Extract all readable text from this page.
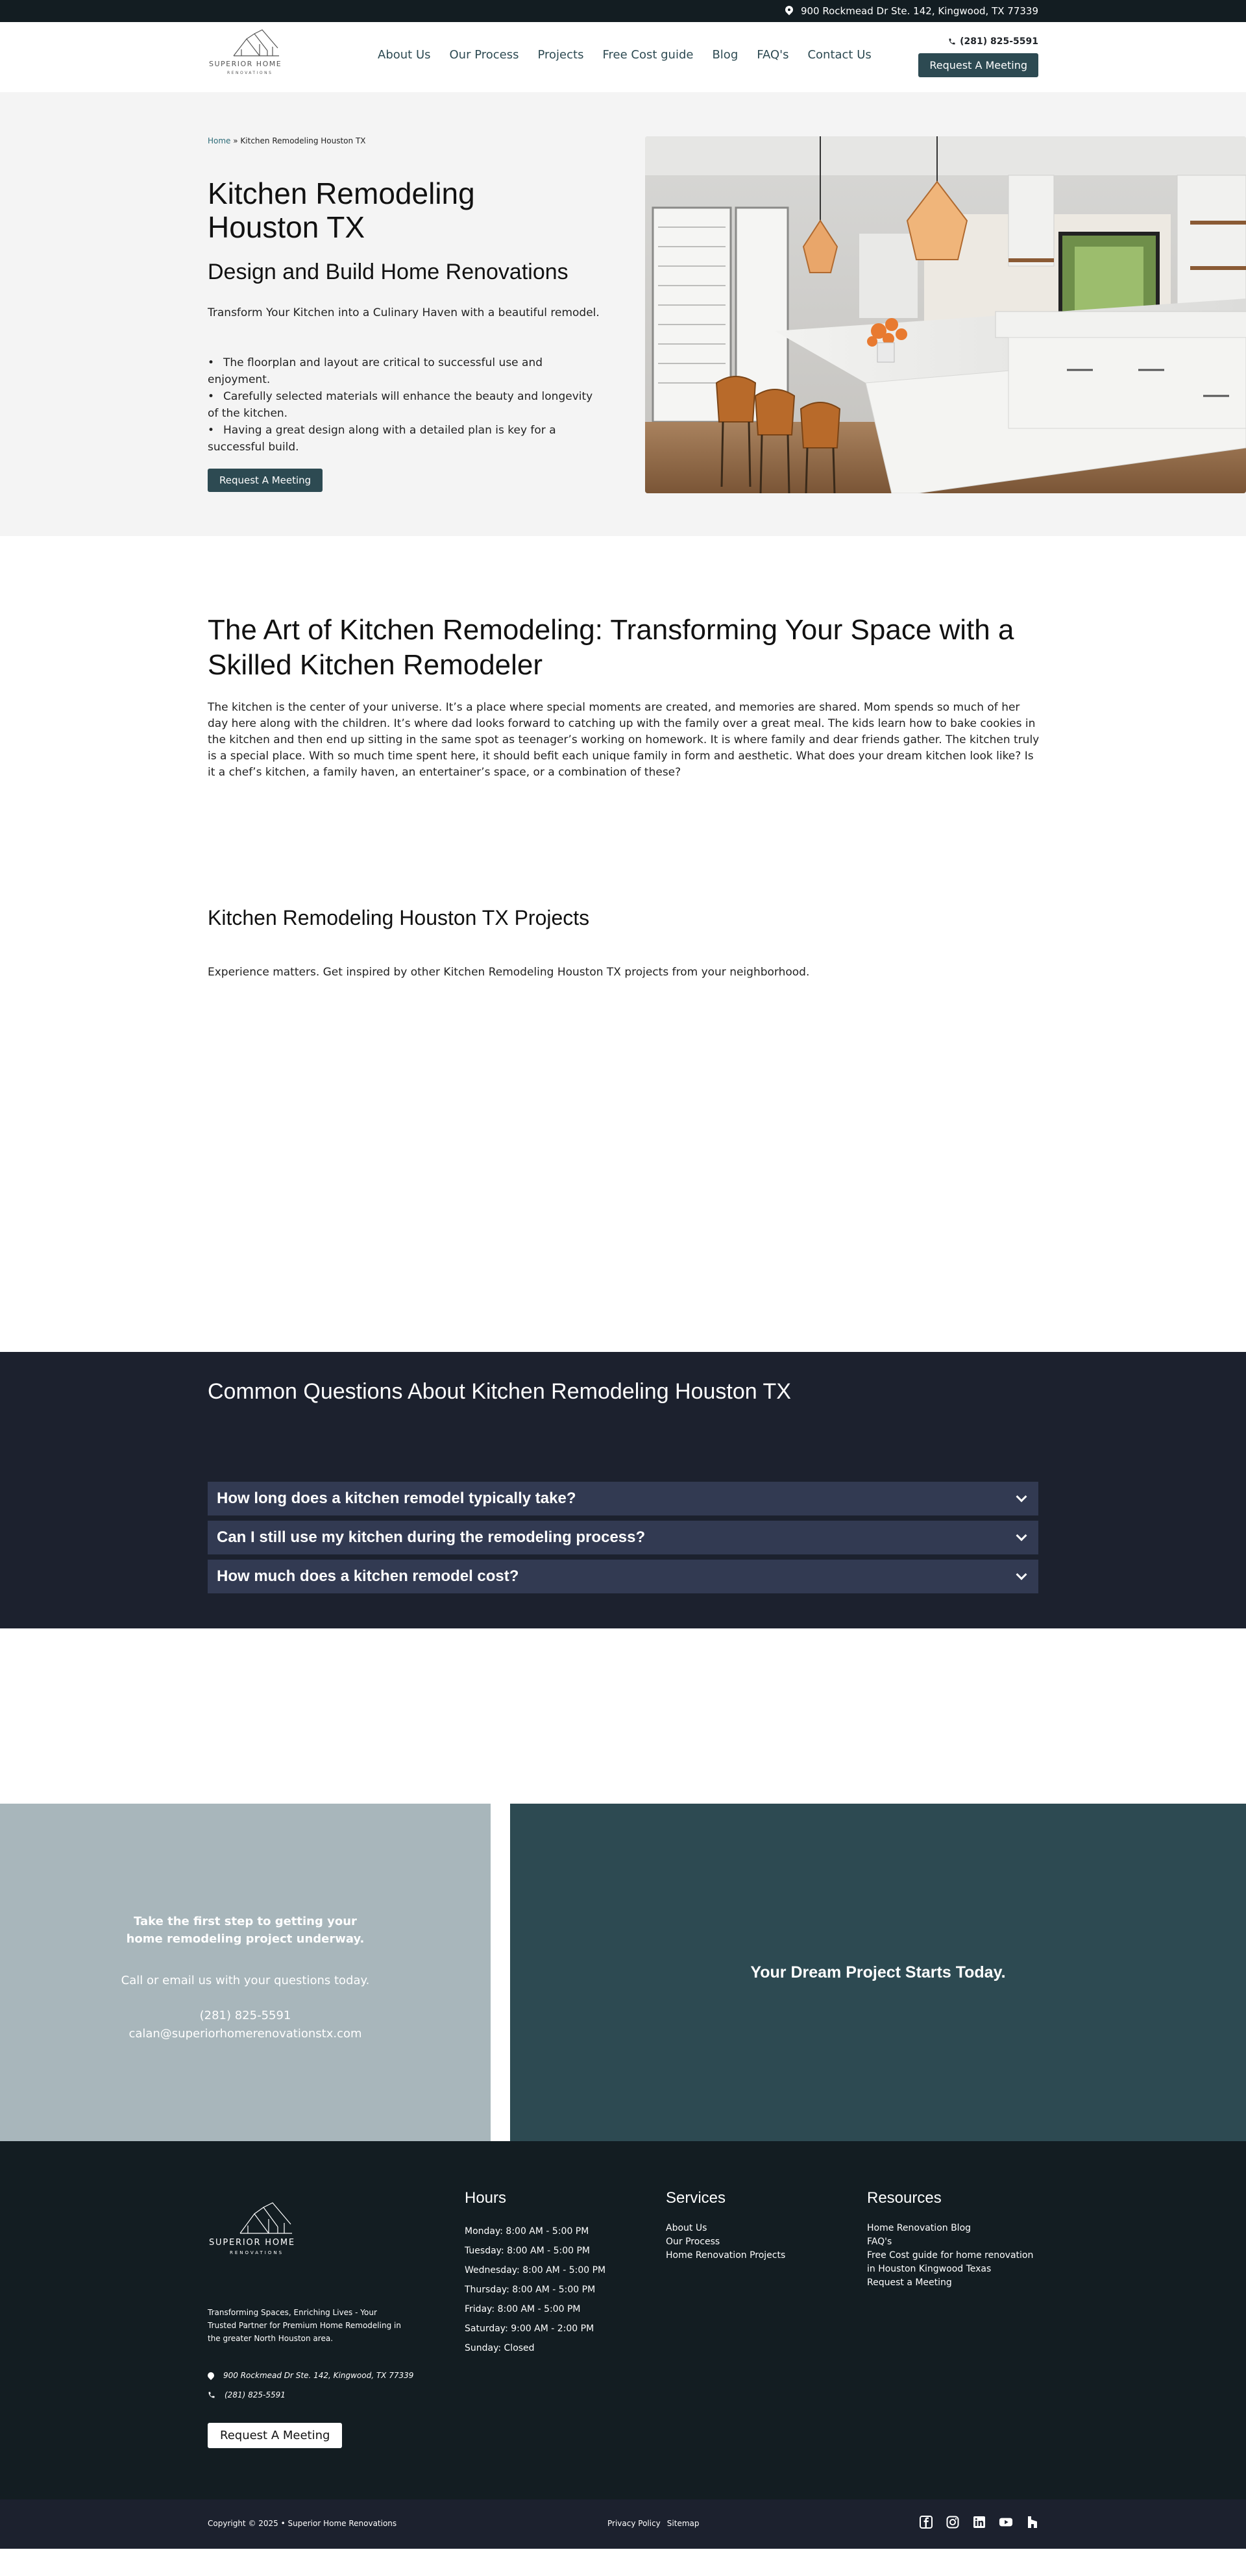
900 Rockmead Dr Ste. 142, Kingwood, TX 77339
SUPERIOR HOME
RENOVATIONS
About Us Our Process Projects Free Cost guide Blog FAQ's Contact Us
(281) 825-5591
Request A Meeting
Home » Kitchen Remodeling Houston TX
Kitchen Remodeling Houston TX
Design and Build Home Renovations

Transform Your Kitchen into a Culinary Haven with a beautiful remodel.

• The floorplan and layout are critical to successful use and enjoyment.
• Carefully selected materials will enhance the beauty and longevity of the kitchen.
• Having a great design along with a detailed plan is key for a successful build.
Request A Meeting
The Art of Kitchen Remodeling: Transforming Your Space with a Skilled Kitchen Remodeler

The kitchen is the center of your universe. It’s a place where special moments are created, and memories are shared. Mom spends so much of her day here along with the children. It’s where dad looks forward to catching up with the family over a great meal. The kids learn how to bake cookies in the kitchen and then end up sitting in the same spot as teenager’s working on homework. It is where family and dear friends gather. The kitchen truly is a special place. With so much time spent here, it should befit each unique family in form and aesthetic. What does your dream kitchen look like? Is it a chef’s kitchen, a family haven, an entertainer’s space, or a combination of these?

Kitchen Remodeling Houston TX Projects

Experience matters. Get inspired by other Kitchen Remodeling Houston TX projects from your neighborhood.

Common Questions About Kitchen Remodeling Houston TX
How long does a kitchen remodel typically take?
Can I still use my kitchen during the remodeling process?
How much does a kitchen remodel cost?
Take the first step to getting your
home remodeling project underway.
Call or email us with your questions today.
(281) 825-5591
calan@superiorhomerenovationstx.com
Your Dream Project Starts Today.
SUPERIOR HOME
RENOVATIONS

Transforming Spaces, Enriching Lives - Your Trusted Partner for Premium Home Remodeling in the greater North Houston area.

900 Rockmead Dr Ste. 142, Kingwood, TX 77339
(281) 825-5591
Request A Meeting
Hours
Monday: 8:00 AM - 5:00 PM
Tuesday: 8:00 AM - 5:00 PM
Wednesday: 8:00 AM - 5:00 PM
Thursday: 8:00 AM - 5:00 PM
Friday: 8:00 AM - 5:00 PM
Saturday: 9:00 AM - 2:00 PM
Sunday: Closed
Services
About Us
Our Process
Home Renovation Projects
Resources
Home Renovation Blog
FAQ's
Free Cost guide for home renovation in Houston Kingwood Texas
Request a Meeting
Copyright © 2025 • Superior Home Renovations	Privacy Policy Sitemap
